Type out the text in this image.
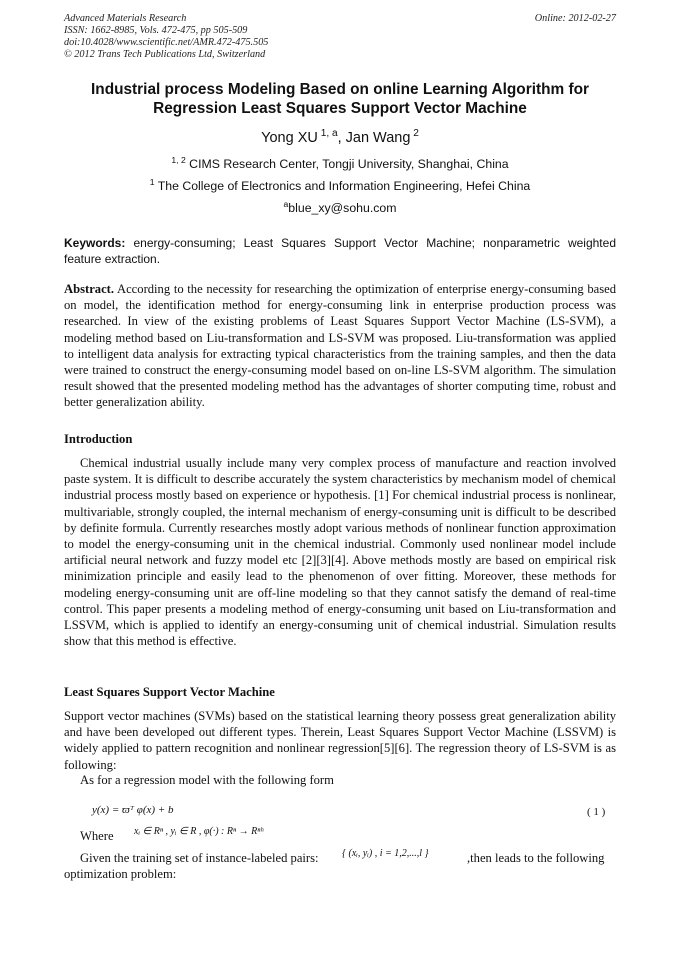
Advanced Materials Research
ISSN: 1662-8985, Vols. 472-475, pp 505-509
doi:10.4028/www.scientific.net/AMR.472-475.505
© 2012 Trans Tech Publications Ltd, Switzerland
Online: 2012-02-27
Industrial process Modeling Based on online Learning Algorithm for
Regression Least Squares Support Vector Machine
Yong XU $^{1, a}$, Jan Wang $^2$
$^{1, 2}$ CIMS Research Center, Tongji University, Shanghai, China
$^1$ The College of Electronics and Information Engineering, Hefei China
$^a$blue_xy@sohu.com
Keywords: energy-consuming; Least Squares Support Vector Machine; nonparametric weighted feature extraction.
Abstract. According to the necessity for researching the optimization of enterprise energy-consuming based on model, the identification method for energy-consuming link in enterprise production process was researched. In view of the existing problems of Least Squares Support Vector Machine (LS-SVM), a modeling method based on Liu-transformation and LS-SVM was proposed. Liu-transformation was applied to intelligent data analysis for extracting typical characteristics from the training samples, and then the data were trained to construct the energy-consuming model based on on-line LS-SVM algorithm. The simulation result showed that the presented modeling method has the advantages of shorter computing time, robust and better generalization ability.
Introduction
Chemical industrial usually include many very complex process of manufacture and reaction involved paste system. It is difficult to describe accurately the system characteristics by mechanism model of chemical industrial process mostly based on experience or hypothesis. [1] For chemical industrial process is nonlinear, multivariable, strongly coupled, the internal mechanism of energy-consuming unit is difficult to be described by definite formula. Currently researches mostly adopt various methods of nonlinear function approximation to model the energy-consuming unit in the chemical industrial. Commonly used nonlinear model include artificial neural network and fuzzy model etc [2][3][4]. Above methods mostly are based on empirical risk minimization principle and easily lead to the phenomenon of over fitting. Moreover, these methods for modeling energy-consuming unit are off-line modeling so that they cannot satisfy the demand of real-time control. This paper presents a modeling method of energy-consuming unit based on Liu-transformation and LSSVM, which is applied to identify an energy-consuming unit of chemical industrial. Simulation results show that this method is effective.
Least Squares Support Vector Machine
Support vector machines (SVMs) based on the statistical learning theory possess great generalization ability and have been developed out different types. Therein, Least Squares Support Vector Machine (LSSVM) is widely applied to pattern recognition and nonlinear regression[5][6]. The regression theory of LS-SVM is as following:
As for a regression model with the following form
y(x) = ϖᵀ φ(x) + b	( 1 )
Where xᵢ ∈ Rⁿ , yᵢ ∈ R , φ(·) : Rⁿ → Rⁿʰ
Given the training set of instance-labeled pairs: { (xᵢ, yᵢ) , i = 1,2,...,l }	,then leads to the following
optimization problem:
